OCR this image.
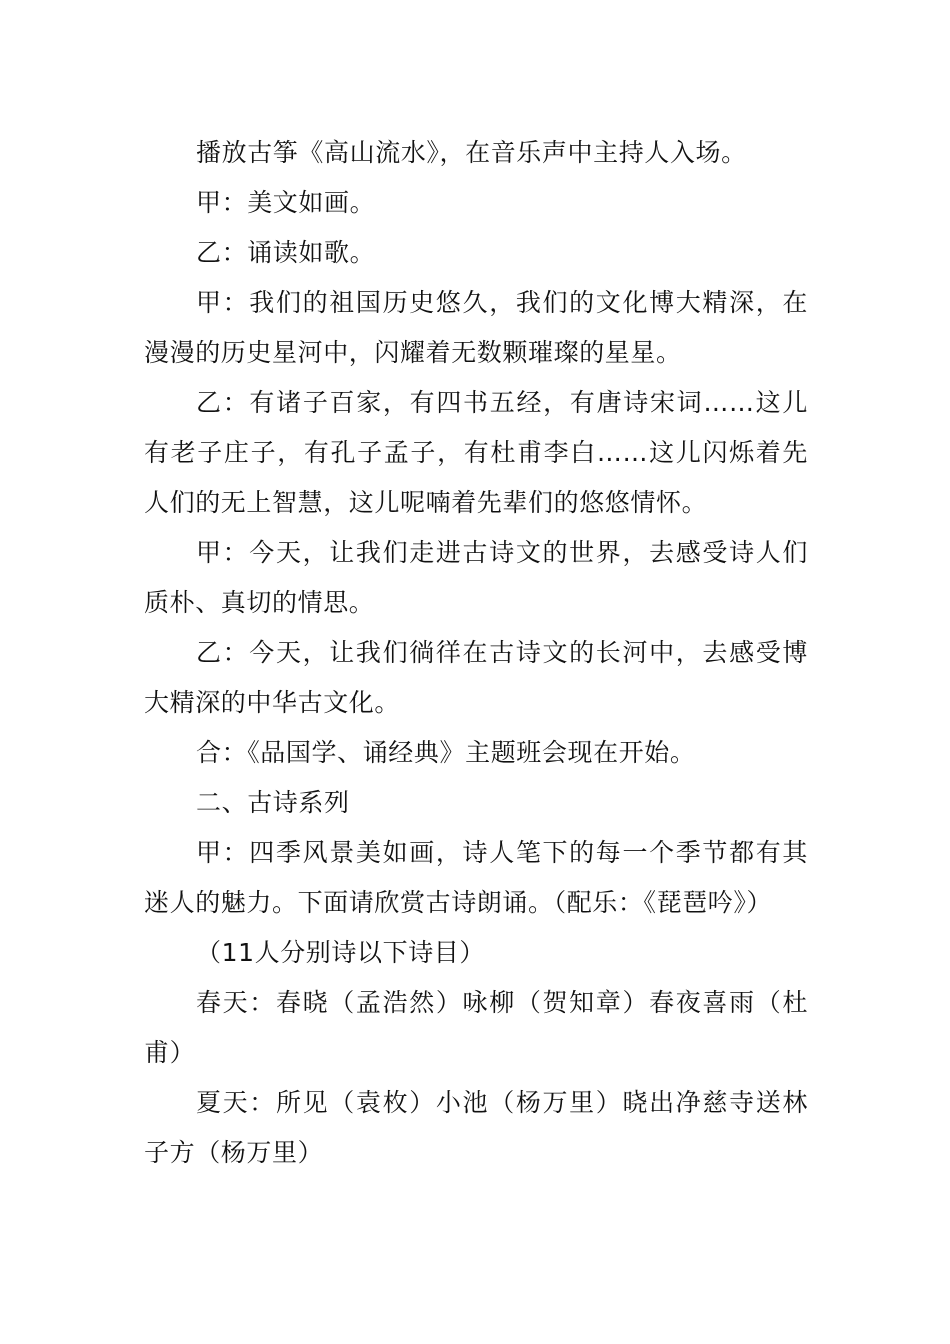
播放古筝《高山流水》，在音乐声中主持人入场。

甲：美文如画。

乙：诵读如歌。

甲：我们的祖国历史悠久，我们的文化博大精深，在漫漫的历史星河中，闪耀着无数颗璀璨的星星。

乙：有诸子百家，有四书五经，有唐诗宋词……这儿有老子庄子，有孔子孟子，有杜甫李白……这儿闪烁着先人们的无上智慧，这儿呢喃着先辈们的悠悠情怀。

甲：今天，让我们走进古诗文的世界，去感受诗人们质朴、真切的情思。

乙：今天，让我们徜徉在古诗文的长河中，去感受博大精深的中华古文化。

合：《品国学、诵经典》主题班会现在开始。

二、古诗系列

甲：四季风景美如画，诗人笔下的每一个季节都有其迷人的魅力。下面请欣赏古诗朗诵。（配乐：《琵琶吟》）

（11人分别诗以下诗目）

春天：春晓（孟浩然）咏柳（贺知章）春夜喜雨（杜甫）

夏天：所见（袁枚）小池（杨万里）晓出净慈寺送林子方（杨万里）
